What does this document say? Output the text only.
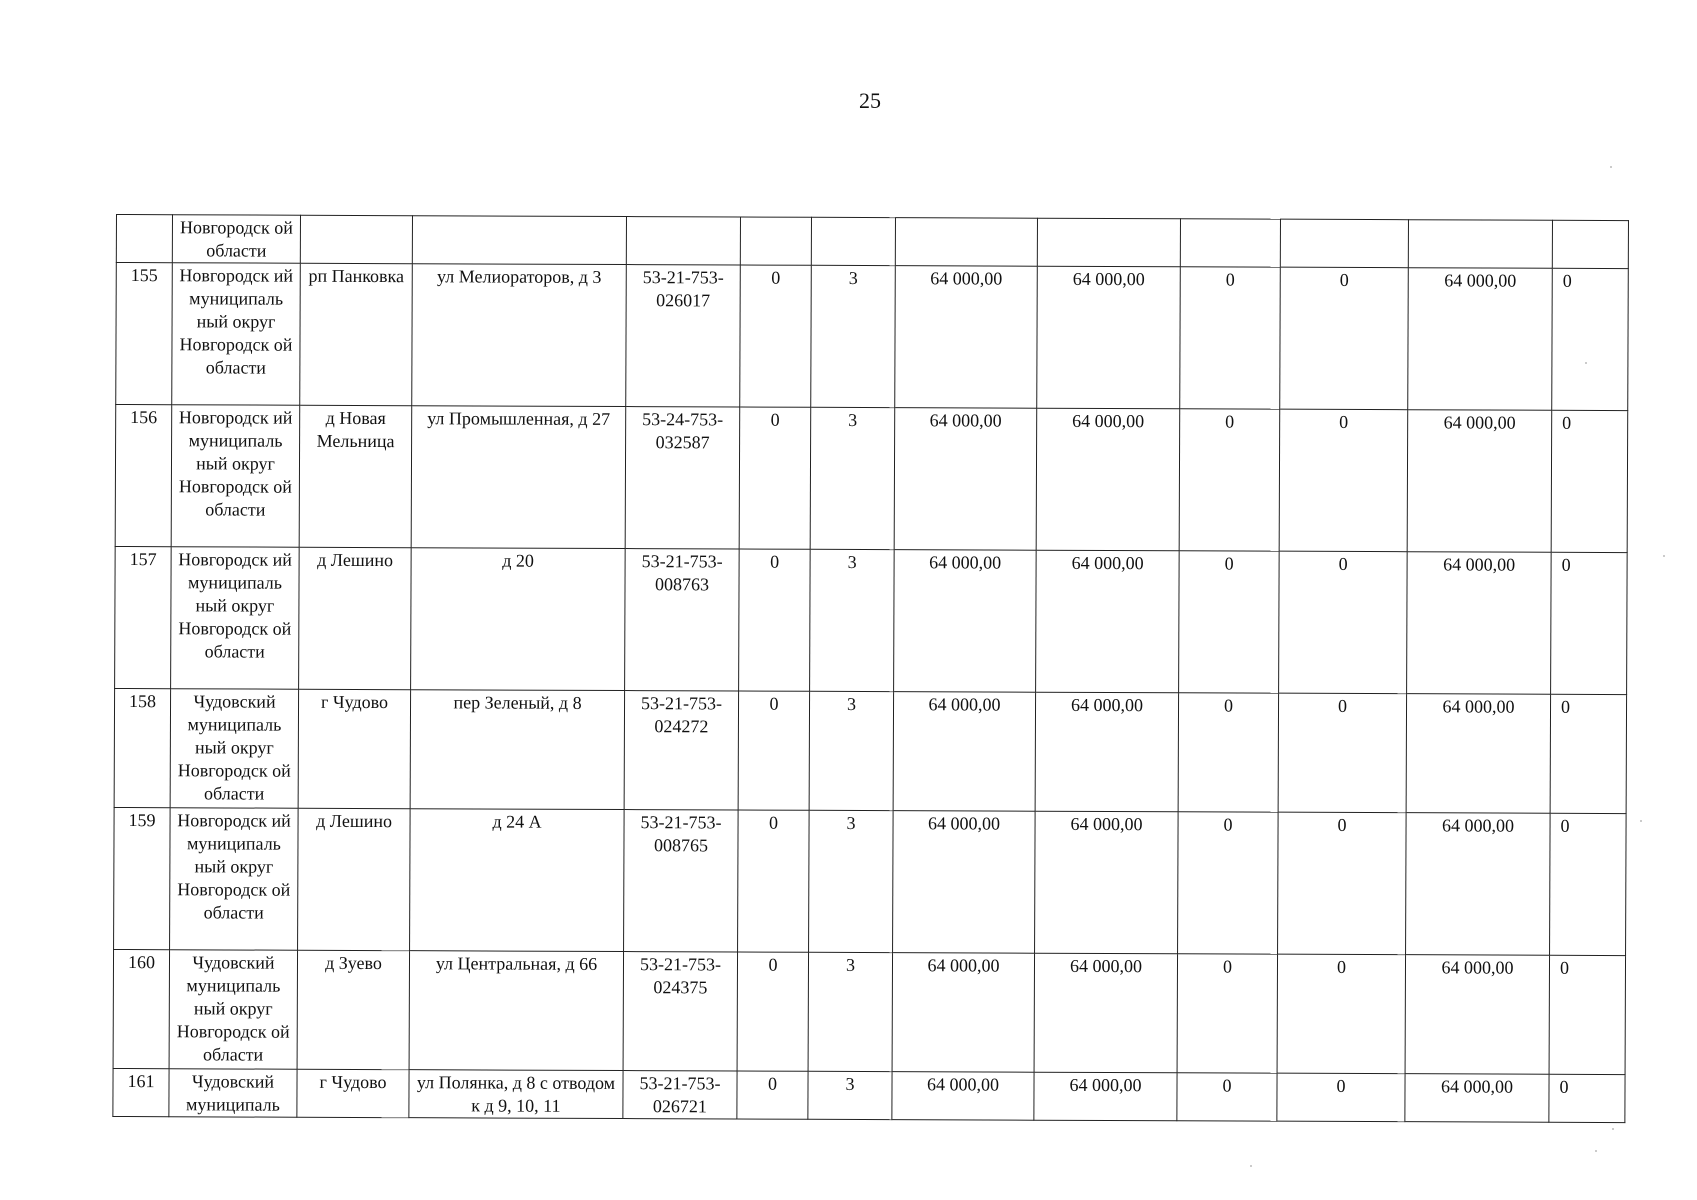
25
	Новгородск ой области											
155	Новгородск ий муниципаль ный округ Новгородск ой области	рп Панковка	ул Мелиораторов, д 3	53-21-753-026017	0	3	64 000,00	64 000,00	0	0	64 000,00	0
156	Новгородск ий муниципаль ный округ Новгородск ой области	д Новая Мельница	ул Промышленная, д 27	53-24-753-032587	0	3	64 000,00	64 000,00	0	0	64 000,00	0
157	Новгородск ий муниципаль ный округ Новгородск ой области	д Лешино	д 20	53-21-753-008763	0	3	64 000,00	64 000,00	0	0	64 000,00	0
158	Чудовский муниципаль ный округ Новгородск ой области	г Чудово	пер Зеленый, д 8	53-21-753-024272	0	3	64 000,00	64 000,00	0	0	64 000,00	0
159	Новгородск ий муниципаль ный округ Новгородск ой области	д Лешино	д 24 А	53-21-753-008765	0	3	64 000,00	64 000,00	0	0	64 000,00	0
160	Чудовский муниципаль ный округ Новгородск ой области	д Зуево	ул Центральная, д 66	53-21-753-024375	0	3	64 000,00	64 000,00	0	0	64 000,00	0
161	Чудовский муниципаль	г Чудово	ул Полянка, д 8 с отводом к д 9, 10, 11	53-21-753-026721	0	3	64 000,00	64 000,00	0	0	64 000,00	0
